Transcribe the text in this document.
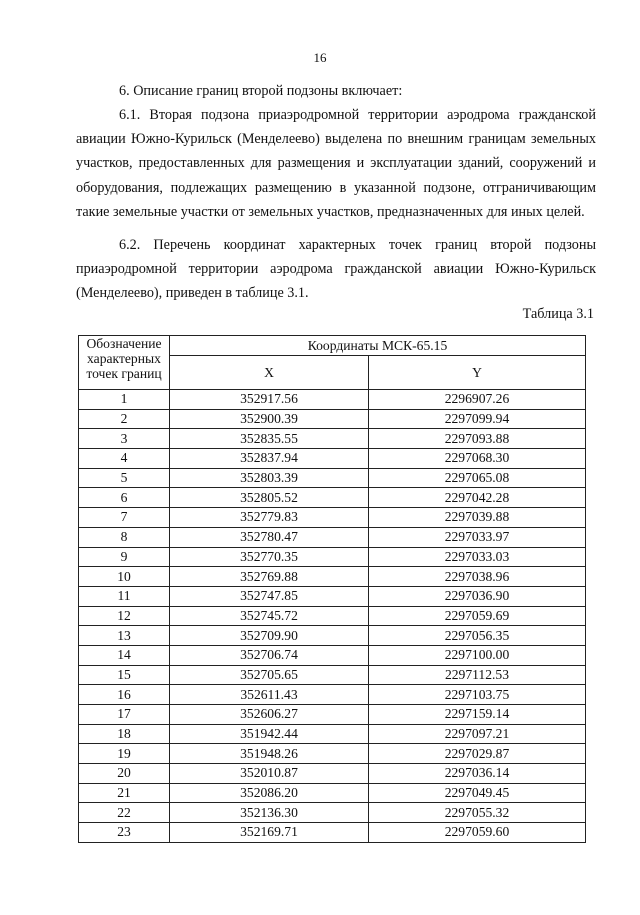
16

6. Описание границ второй подзоны включает:

6.1. Вторая подзона приаэродромной территории аэродрома гражданской авиации Южно-Курильск (Менделеево) выделена по внешним границам земельных участков, предоставленных для размещения и эксплуатации зданий, сооружений и оборудования, подлежащих размещению в указанной подзоне, отграничивающим такие земельные участки от земельных участков, предназначенных для иных целей.

6.2. Перечень координат характерных точек границ второй подзоны приаэродромной территории аэродрома гражданской авиации Южно-Курильск (Менделеево), приведен в таблице 3.1.

Таблица 3.1
Обозначение характерных точек границ	Координаты МСК-65.15	
	X	Y
1	352917.56	2296907.26
2	352900.39	2297099.94
3	352835.55	2297093.88
4	352837.94	2297068.30
5	352803.39	2297065.08
6	352805.52	2297042.28
7	352779.83	2297039.88
8	352780.47	2297033.97
9	352770.35	2297033.03
10	352769.88	2297038.96
11	352747.85	2297036.90
12	352745.72	2297059.69
13	352709.90	2297056.35
14	352706.74	2297100.00
15	352705.65	2297112.53
16	352611.43	2297103.75
17	352606.27	2297159.14
18	351942.44	2297097.21
19	351948.26	2297029.87
20	352010.87	2297036.14
21	352086.20	2297049.45
22	352136.30	2297055.32
23	352169.71	2297059.60
